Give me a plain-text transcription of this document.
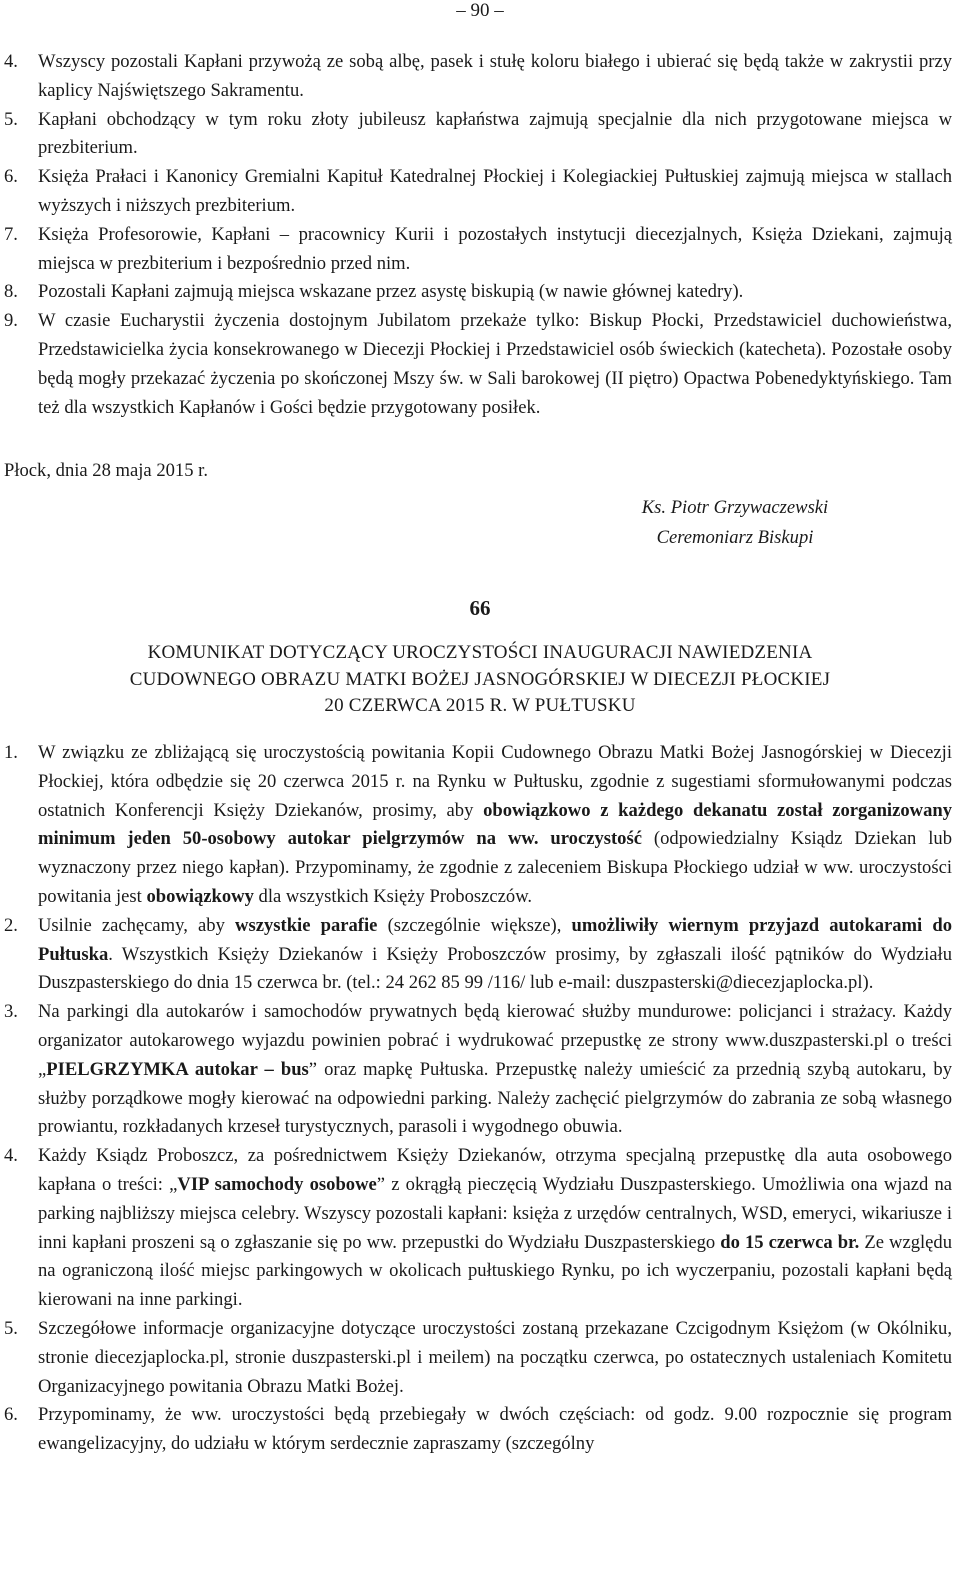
– 90 –
4. Wszyscy pozostali Kapłani przywożą ze sobą albę, pasek i stułę koloru białego i ubierać się będą także w zakrystii przy kaplicy Najświętszego Sakramentu.
5. Kapłani obchodzący w tym roku złoty jubileusz kapłaństwa zajmują specjalnie dla nich przygotowane miejsca w prezbiterium.
6. Księża Prałaci i Kanonicy Gremialni Kapituł Katedralnej Płockiej i Kolegiackiej Pułtuskiej zajmują miejsca w stallach wyższych i niższych prezbiterium.
7. Księża Profesorowie, Kapłani – pracownicy Kurii i pozostałych instytucji diecezjalnych, Księża Dziekani, zajmują miejsca w prezbiterium i bezpośrednio przed nim.
8. Pozostali Kapłani zajmują miejsca wskazane przez asystę biskupią (w nawie głównej katedry).
9. W czasie Eucharystii życzenia dostojnym Jubilatom przekaże tylko: Biskup Płocki, Przedstawiciel duchowieństwa, Przedstawicielka życia konsekrowanego w Diecezji Płockiej i Przedstawiciel osób świeckich (katecheta). Pozostałe osoby będą mogły przekazać życzenia po skończonej Mszy św. w Sali barokowej (II piętro) Opactwa Pobenedyktyńskiego. Tam też dla wszystkich Kapłanów i Gości będzie przygotowany posiłek.
Płock, dnia 28 maja 2015 r.
Ks. Piotr Grzywaczewski
Ceremoniarz Biskupi
66
KOMUNIKAT DOTYCZĄCY UROCZYSTOŚCI INAUGURACJI NAWIEDZENIA
CUDOWNEGO OBRAZU MATKI BOŻEJ JASNOGÓRSKIEJ W DIECEZJI PŁOCKIEJ
20 CZERWCA 2015 R. W PUŁTUSKU
1. W związku ze zbliżającą się uroczystością powitania Kopii Cudownego Obrazu Matki Bożej Jasnogórskiej w Diecezji Płockiej, która odbędzie się 20 czerwca 2015 r. na Rynku w Pułtusku, zgodnie z sugestiami sformułowanymi podczas ostatnich Konferencji Księży Dziekanów, prosimy, aby obowiązkowo z każdego dekanatu został zorganizowany minimum jeden 50-osobowy autokar pielgrzymów na ww. uroczystość (odpowiedzialny Ksiądz Dziekan lub wyznaczony przez niego kapłan). Przypominamy, że zgodnie z zaleceniem Biskupa Płockiego udział w ww. uroczystości powitania jest obowiązkowy dla wszystkich Księży Proboszczów.
2. Usilnie zachęcamy, aby wszystkie parafie (szczególnie większe), umożliwiły wiernym przyjazd autokarami do Pułtuska. Wszystkich Księży Dziekanów i Księży Proboszczów prosimy, by zgłaszali ilość pątników do Wydziału Duszpasterskiego do dnia 15 czerwca br. (tel.: 24 262 85 99 /116/ lub e-mail: duszpasterski@diecezjaplocka.pl).
3. Na parkingi dla autokarów i samochodów prywatnych będą kierować służby mundurowe: policjanci i strażacy. Każdy organizator autokarowego wyjazdu powinien pobrać i wydrukować przepustkę ze strony www.duszpasterski.pl o treści „PIELGRZYMKA autokar – bus” oraz mapkę Pułtuska. Przepustkę należy umieścić za przednią szybą autokaru, by służby porządkowe mogły kierować na odpowiedni parking. Należy zachęcić pielgrzymów do zabrania ze sobą własnego prowiantu, rozkładanych krzeseł turystycznych, parasoli i wygodnego obuwia.
4. Każdy Ksiądz Proboszcz, za pośrednictwem Księży Dziekanów, otrzyma specjalną przepustkę dla auta osobowego kapłana o treści: „VIP samochody osobowe” z okrągłą pieczęcią Wydziału Duszpasterskiego. Umożliwia ona wjazd na parking najbliższy miejsca celebry. Wszyscy pozostali kapłani: księża z urzędów centralnych, WSD, emeryci, wikariusze i inni kapłani proszeni są o zgłaszanie się po ww. przepustki do Wydziału Duszpasterskiego do 15 czerwca br. Ze względu na ograniczoną ilość miejsc parkingowych w okolicach pułtuskiego Rynku, po ich wyczerpaniu, pozostali kapłani będą kierowani na inne parkingi.
5. Szczegółowe informacje organizacyjne dotyczące uroczystości zostaną przekazane Czcigodnym Księżom (w Okólniku, stronie diecezjaplocka.pl, stronie duszpasterski.pl i meilem) na początku czerwca, po ostatecznych ustaleniach Komitetu Organizacyjnego powitania Obrazu Matki Bożej.
6. Przypominamy, że ww. uroczystości będą przebiegały w dwóch częściach: od godz. 9.00 rozpocznie się program ewangelizacyjny, do udziału w którym serdecznie zapraszamy (szczególny
